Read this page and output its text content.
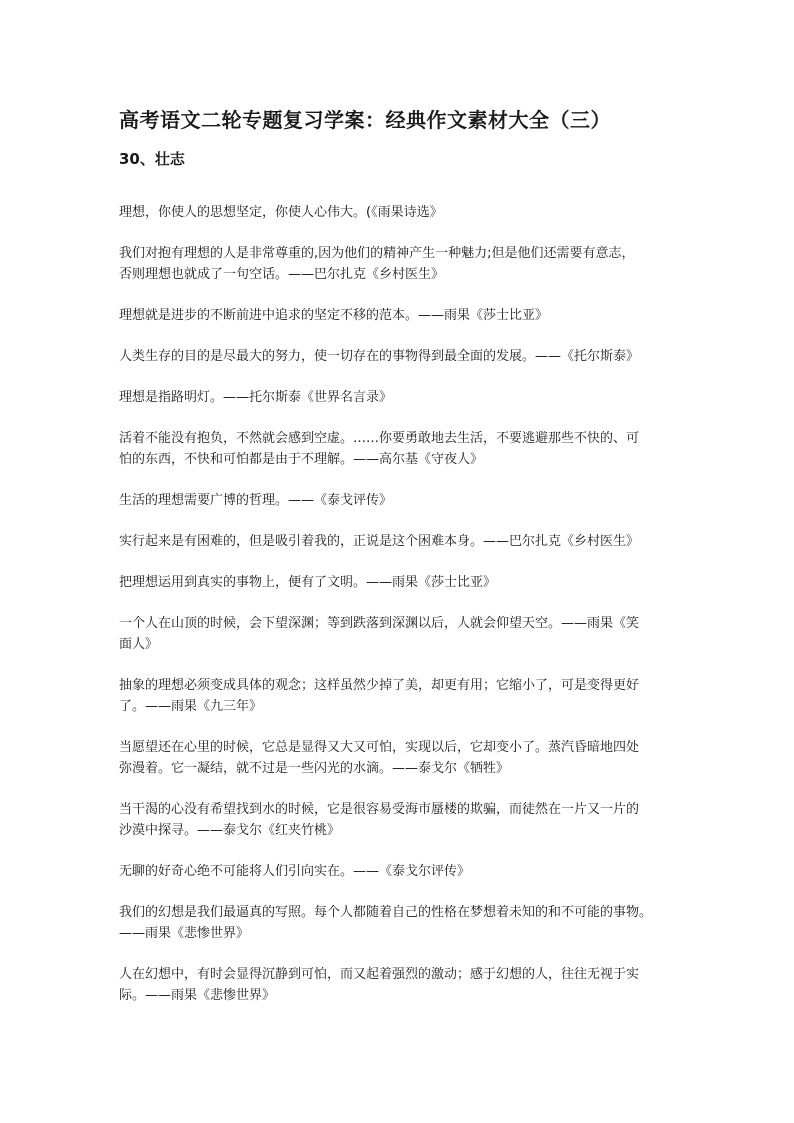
高考语文二轮专题复习学案：经典作文素材大全（三）
30、壮志

理想，你使人的思想坚定，你使人心伟大。(《雨果诗选》

我们对抱有理想的人是非常尊重的,因为他们的精神产生一种魅力;但是他们还需要有意志，
否则理想也就成了一句空话。——巴尔扎克《乡村医生》

理想就是进步的不断前进中追求的坚定不移的范本。——雨果《莎士比亚》

人类生存的目的是尽最大的努力，使一切存在的事物得到最全面的发展。——《托尔斯泰》

理想是指路明灯。——托尔斯泰《世界名言录》

活着不能没有抱负，不然就会感到空虚。……你要勇敢地去生活，不要逃避那些不快的、可
怕的东西，不快和可怕都是由于不理解。——高尔基《守夜人》

生活的理想需要广博的哲理。——《泰戈评传》

实行起来是有困难的，但是吸引着我的，正说是这个困难本身。——巴尔扎克《乡村医生》

把理想运用到真实的事物上，便有了文明。——雨果《莎士比亚》

一个人在山顶的时候，会下望深渊；等到跌落到深渊以后，人就会仰望天空。——雨果《笑
面人》

抽象的理想必须变成具体的观念；这样虽然少掉了美，却更有用；它缩小了，可是变得更好
了。——雨果《九三年》

当愿望还在心里的时候，它总是显得又大又可怕，实现以后，它却变小了。蒸汽昏暗地四处
弥漫着。它一凝结，就不过是一些闪光的水滴。——泰戈尔《牺牲》

当干渴的心没有希望找到水的时候，它是很容易受海市蜃楼的欺骗，而徒然在一片又一片的
沙漠中探寻。——泰戈尔《红夹竹桃》

无聊的好奇心绝不可能将人们引向实在。——《泰戈尔评传》

我们的幻想是我们最逼真的写照。每个人都随着自己的性格在梦想着未知的和不可能的事物。
——雨果《悲惨世界》

人在幻想中，有时会显得沉静到可怕，而又起着强烈的激动；感于幻想的人，往往无视于实
际。——雨果《悲惨世界》
